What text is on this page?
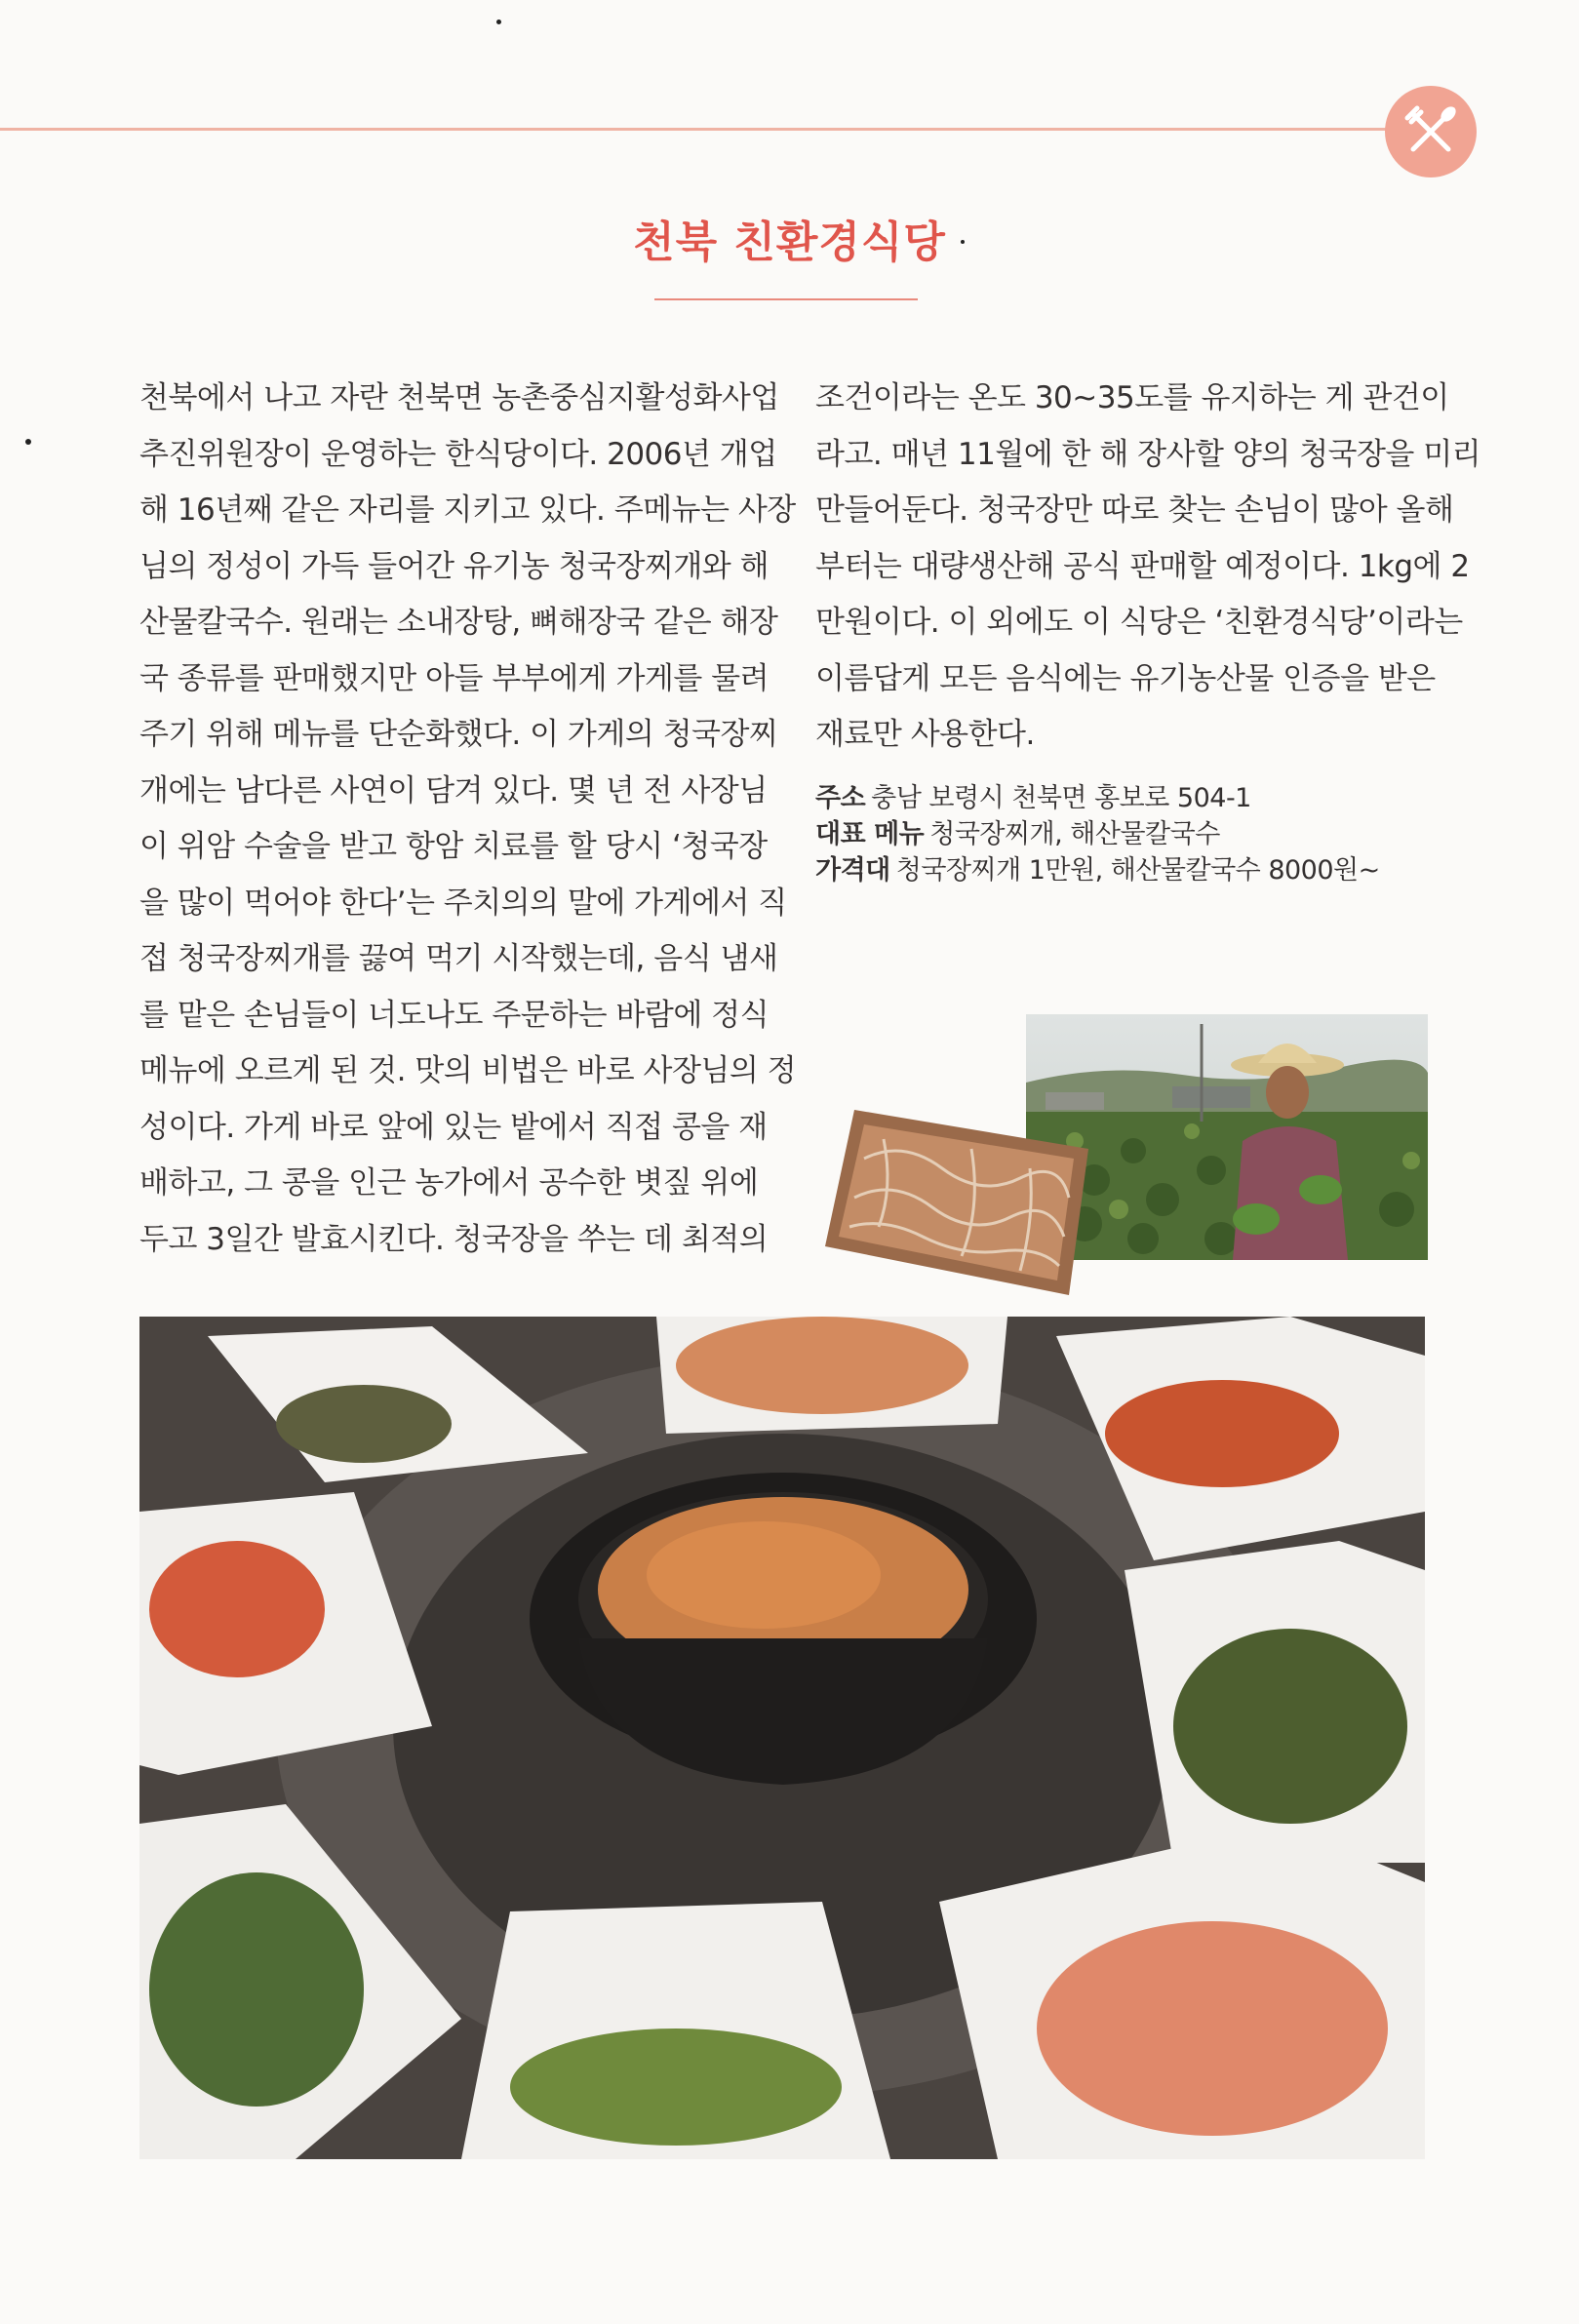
천북 친환경식당

천북에서 나고 자란 천북면 농촌중심지활성화사업

추진위원장이 운영하는 한식당이다. 2006년 개업

해 16년째 같은 자리를 지키고 있다. 주메뉴는 사장

님의 정성이 가득 들어간 유기농 청국장찌개와 해

산물칼국수. 원래는 소내장탕, 뼈해장국 같은 해장

국 종류를 판매했지만 아들 부부에게 가게를 물려

주기 위해 메뉴를 단순화했다. 이 가게의 청국장찌

개에는 남다른 사연이 담겨 있다. 몇 년 전 사장님

이 위암 수술을 받고 항암 치료를 할 당시 ‘청국장

을 많이 먹어야 한다’는 주치의의 말에 가게에서 직

접 청국장찌개를 끓여 먹기 시작했는데, 음식 냄새

를 맡은 손님들이 너도나도 주문하는 바람에 정식

메뉴에 오르게 된 것. 맛의 비법은 바로 사장님의 정

성이다. 가게 바로 앞에 있는 밭에서 직접 콩을 재

배하고, 그 콩을 인근 농가에서 공수한 볏짚 위에

두고 3일간 발효시킨다. 청국장을 쑤는 데 최적의

조건이라는 온도 30~35도를 유지하는 게 관건이

라고. 매년 11월에 한 해 장사할 양의 청국장을 미리

만들어둔다. 청국장만 따로 찾는 손님이 많아 올해

부터는 대량생산해 공식 판매할 예정이다. 1kg에 2

만원이다. 이 외에도 이 식당은 ‘친환경식당’이라는

이름답게 모든 음식에는 유기농산물 인증을 받은

재료만 사용한다.

주소 충남 보령시 천북면 홍보로 504-1
대표 메뉴 청국장찌개, 해산물칼국수
가격대 청국장찌개 1만원, 해산물칼국수 8000원~
